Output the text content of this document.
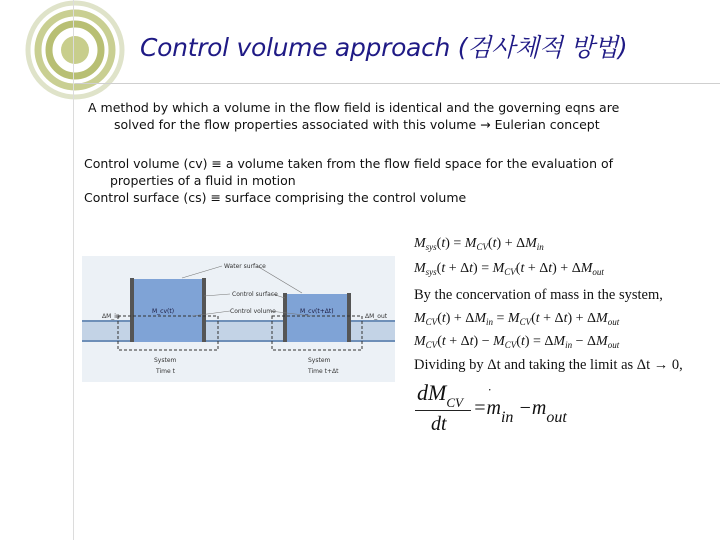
Control volume approach (검사체적 방법)
A method by which a volume in the flow field is identical and the governing eqns are
solved for the flow properties associated with this volume → Eulerian concept
Control volume (cv) ≡ a volume taken from the flow field space for the evaluation of
properties of a fluid in motion
Control surface (cs) ≡ surface comprising the control volume
Water surface
Control surface
Control volume
ΔM_in
M_cv(t)	M_cv(t+Δt)
ΔM_out
System
Time t
System
Time t+Δt
$M_{sys}(t) = M_{CV}(t) + \Delta M_{in}$
$M_{sys}(t + \Delta t) = M_{CV}(t + \Delta t) + \Delta M_{out}$
By the concervation of mass in the system,
$M_{CV}(t) + \Delta M_{in} = M_{CV}(t + \Delta t) + \Delta M_{out}$
$M_{CV}(t + \Delta t) - M_{CV}(t) = \Delta M_{in} - \Delta M_{out}$
Dividing by Δt and taking the limit as Δt → 0,
$dM_{CV}$
dt
=m
$_{in} -m_{out}$
